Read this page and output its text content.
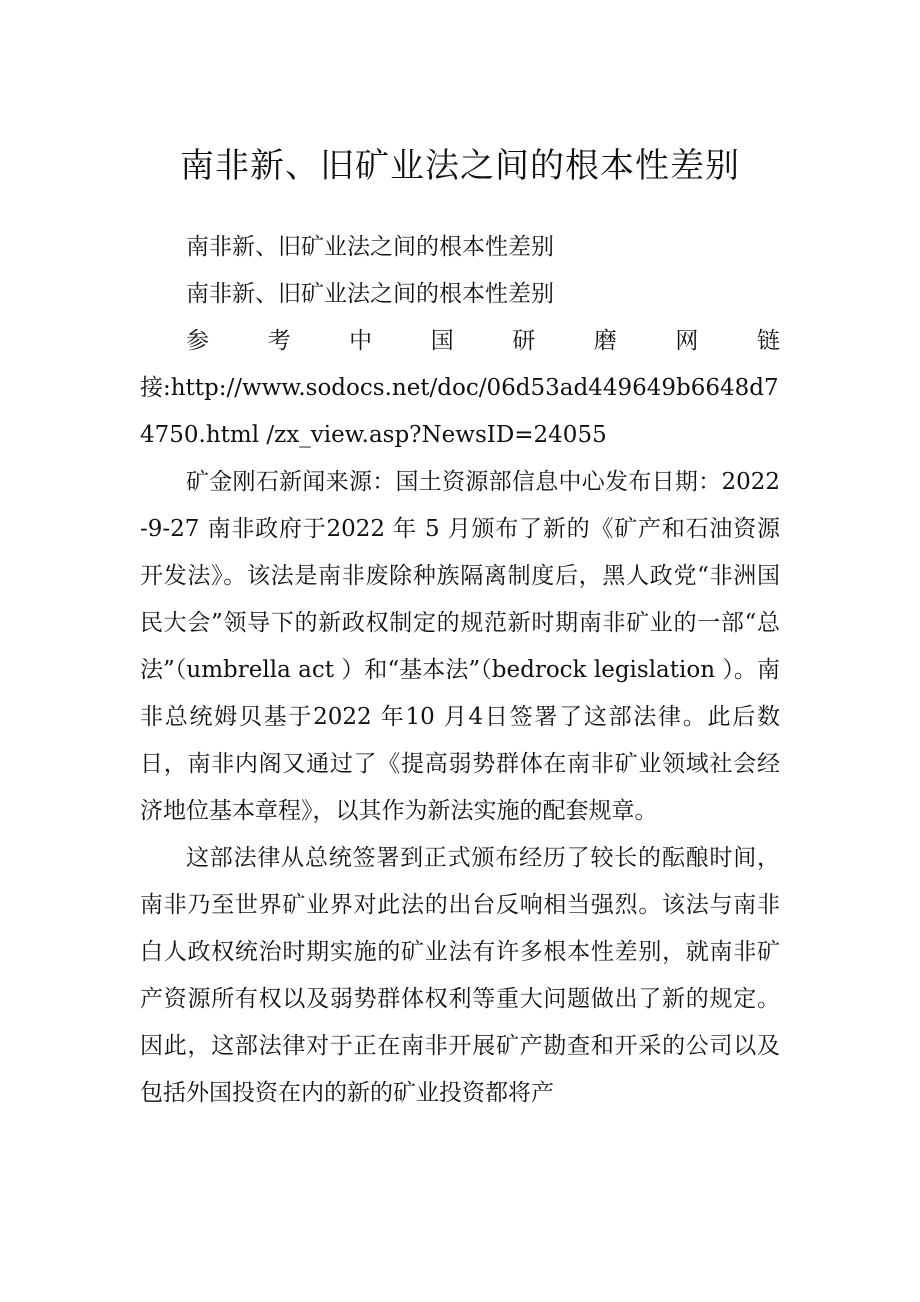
南非新、旧矿业法之间的根本性差别

南非新、旧矿业法之间的根本性差别

南非新、旧矿业法之间的根本性差别

参	考	中	国	研	磨	网	链
接:http://www.sodocs.net/doc/06d53ad449649b6648d74750.html /zx_view.asp?NewsID=24055

矿金刚石新闻来源：国土资源部信息中心发布日期：2022-9-27 南非政府于2022 年 5 月颁布了新的《矿产和石油资源开发法》。该法是南非废除种族隔离制度后，黑人政党“非洲国民大会”领导下的新政权制定的规范新时期南非矿业的一部“总法”（umbrella act ）和“基本法”（bedrock legislation ）。南非总统姆贝基于2022 年10 月4日签署了这部法律。此后数日，南非内阁又通过了《提高弱势群体在南非矿业领域社会经济地位基本章程》，以其作为新法实施的配套规章。

这部法律从总统签署到正式颁布经历了较长的酝酿时间，南非乃至世界矿业界对此法的出台反响相当强烈。该法与南非白人政权统治时期实施的矿业法有许多根本性差别，就南非矿产资源所有权以及弱势群体权利等重大问题做出了新的规定。因此，这部法律对于正在南非开展矿产勘查和开采的公司以及包括外国投资在内的新的矿业投资都将产
